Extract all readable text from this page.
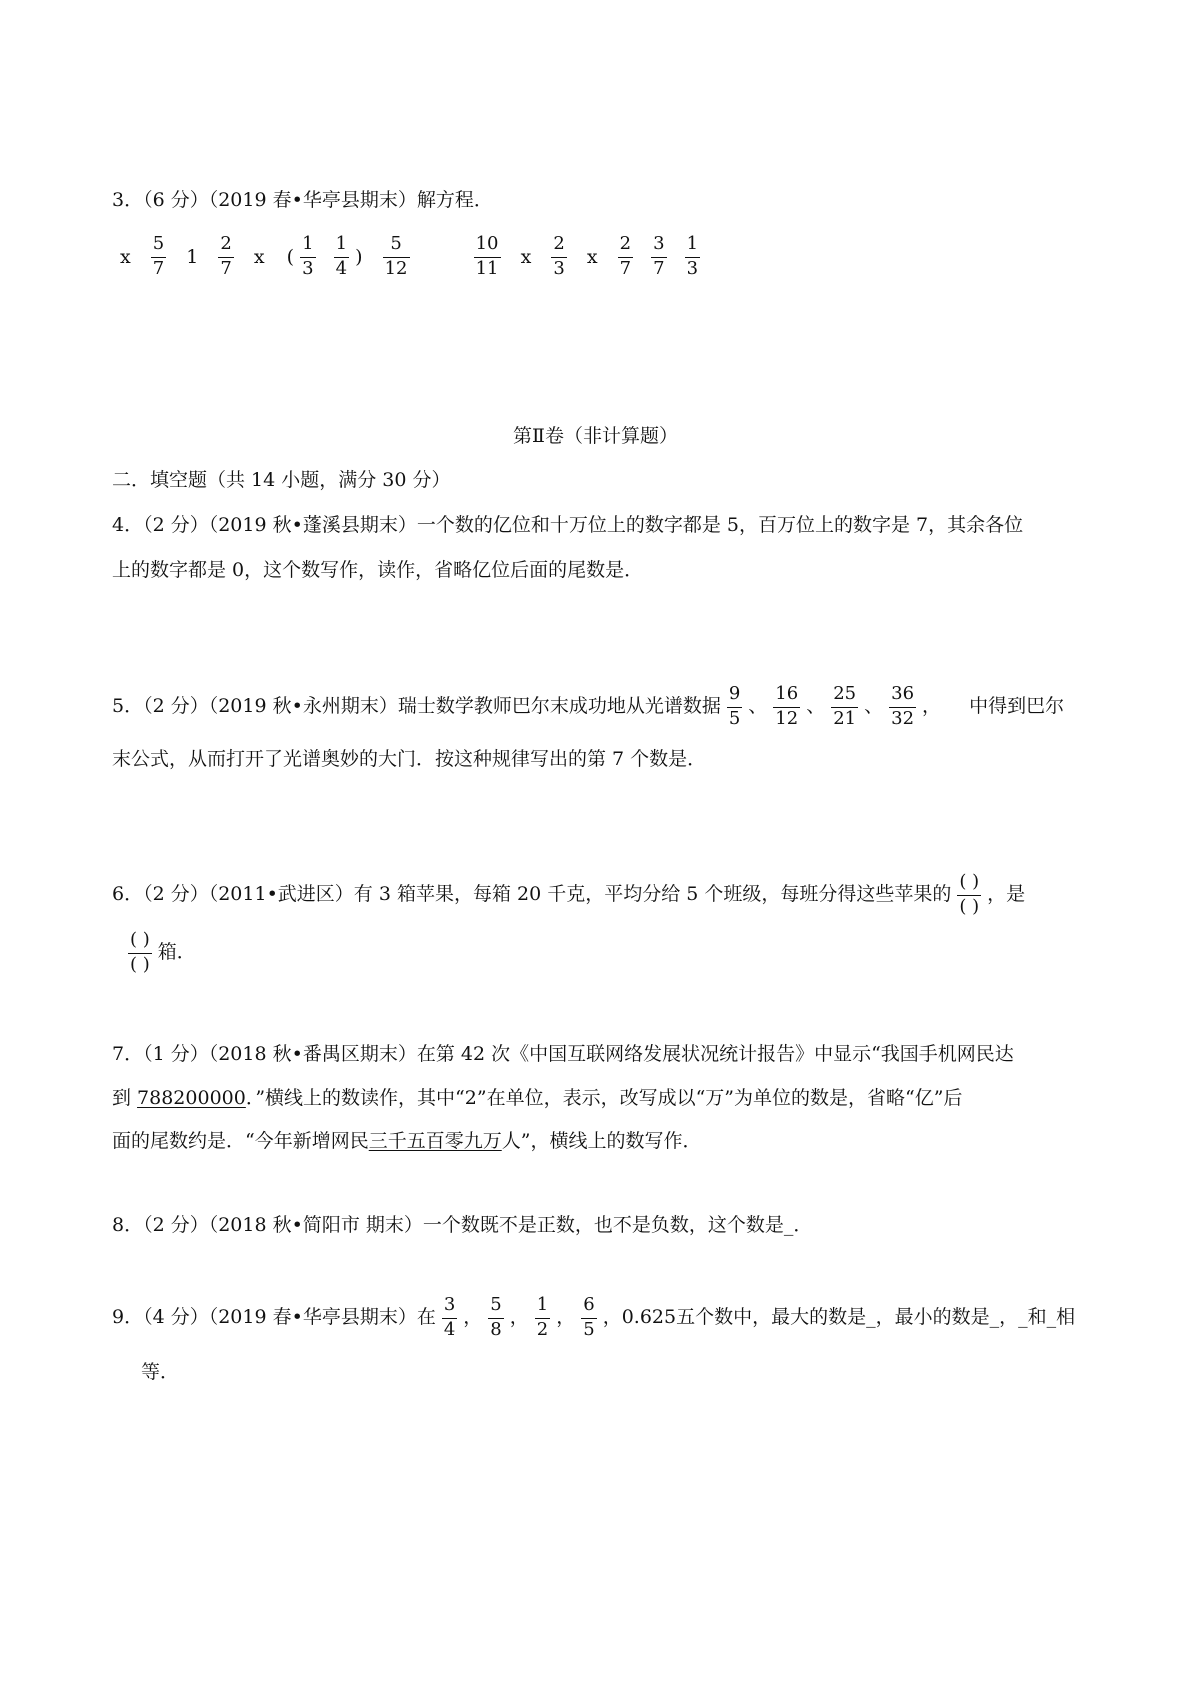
3．（6 分）（2019 春•华亭县期末）解方程．
x $\frac{5}{7} 1 \frac{2}{7}$ x ( $\frac{1}{3}$
$\frac{1}{4}$ ) $\frac{5}{12}$
	$\frac{10}{11}$ x $\frac{2}{3}$ x $\frac{2}{7}$
$\frac{3}{7}$
$\frac{1}{3}$
第Ⅱ卷（非计算题）
二．填空题（共 14 小题，满分 30 分）
4．（2 分）（2019 秋•蓬溪县期末）一个数的亿位和十万位上的数字都是 5，百万位上的数字是 7，其余各位
上的数字都是 0，这个数写作，读作，省略亿位后面的尾数是．
5．（2 分）（2019 秋•永州期末）瑞士数学教师巴尔末成功地从光谱数据 $\frac{9}{5}$ 、 $\frac{16}{12}$ 、 $\frac{25}{21}$ 、 $\frac{36}{32}$ ， 中得到巴尔
末公式，从而打开了光谱奥妙的大门．按这种规律写出的第 7 个数是．
6．（2 分）（2011•武进区）有 3 箱苹果，每箱 20 千克，平均分给 5 个班级，每班分得这些苹果的 $\frac{( )}{( )}$ ，是
$\frac{( )}{( )}$ 箱．
7．（1 分）（2018 秋•番禺区期末）在第 42 次《中国互联网络发展状况统计报告》中显示“我国手机网民达
到 788200000．”横线上的数读作，其中“2”在单位，表示，改写成以“万”为单位的数是，省略“亿”后
面的尾数约是．“今年新增网民三千五百零九万人”，横线上的数写作．
8．（2 分）（2018 秋•简阳市 期末）一个数既不是正数，也不是负数，这个数是_．
9．（4 分）（2019 春•华亭县期末）在 $\frac{3}{4}$ ， $\frac{5}{8}$ ， $\frac{1}{2}$ ， $\frac{6}{5}$ ，0.625五个数中，最大的数是_，最小的数是_，_和_相
等．
